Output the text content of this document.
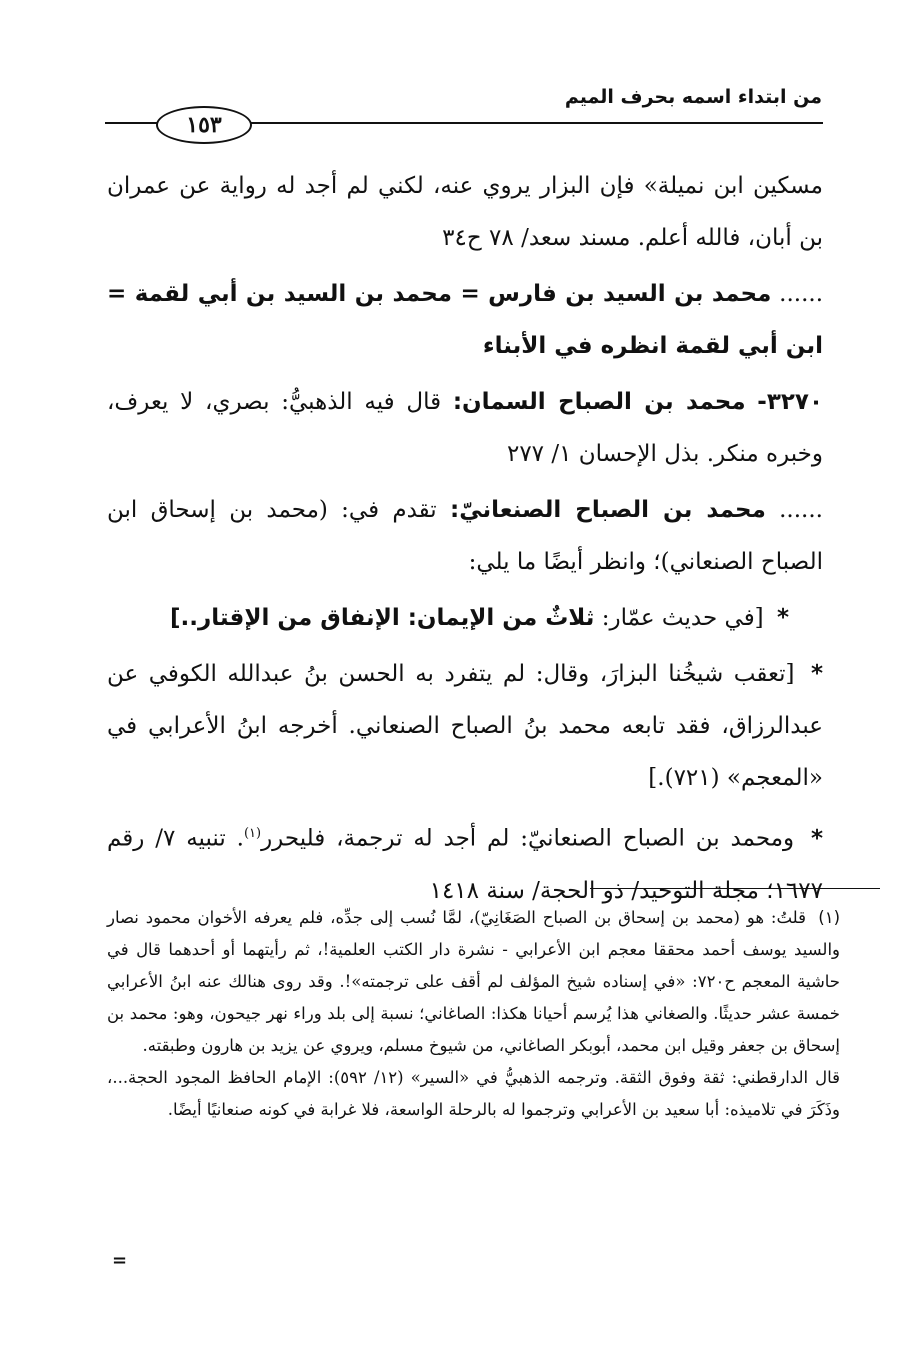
من ابتداء اسمه بحرف الميم
١٥٣

مسكين ابن نميلة» فإن البزار يروي عنه، لكني لم أجد له رواية عن عمران بن أبان، فالله أعلم. مسند سعد/ ٧٨ ح٣٤

...... محمد بن السيد بن فارس = محمد بن السيد بن أبي لقمة = ابن أبي لقمة انظره في الأبناء

٣٢٧٠- محمد بن الصباح السمان: قال فيه الذهبيُّ: بصري، لا يعرف، وخبره منكر. بذل الإحسان ١/ ٢٧٧

...... محمد بن الصباح الصنعانيّ: تقدم في: (محمد بن إسحاق ابن الصباح الصنعاني)؛ وانظر أيضًا ما يلي:

* [في حديث عمّار: ثلاثٌ من الإيمان: الإنفاق من الإقتار..]

* [تعقب شيخُنا البزارَ، وقال: لم يتفرد به الحسن بنُ عبدالله الكوفي عن عبدالرزاق، فقد تابعه محمد بنُ الصباح الصنعاني. أخرجه ابنُ الأعرابي في «المعجم» (٧٢١).]

* ومحمد بن الصباح الصنعانيّ: لم أجد له ترجمة، فليحرر$^{(١)}$. تنبيه ٧/ رقم ١٦٧٧؛ مجلة التوحيد/ ذو الحجة/ سنة ١٤١٨

(١)قلتُ: هو (محمد بن إسحاق بن الصباح الصَغَانِيّ)، لمَّا نُسب إلى جدِّه، فلم يعرفه الأخوان محمود نصار والسيد يوسف أحمد محققا معجم ابن الأعرابي - نشرة دار الكتب العلمية!، ثم رأيتهما أو أحدهما قال في حاشية المعجم ح٧٢٠: «في إسناده شيخ المؤلف لم أقف على ترجمته»!. وقد روى هنالك عنه ابنُ الأعرابي خمسة عشر حديثًا. والصغاني هذا يُرسم أحيانا هكذا: الصاغاني؛ نسبة إلى بلد وراء نهر جيحون، وهو: محمد بن إسحاق بن جعفر وقيل ابن محمد، أبوبكر الصاغاني، من شيوخ مسلم، ويروي عن يزيد بن هارون وطبقته.

قال الدارقطني: ثقة وفوق الثقة. وترجمه الذهبيُّ في «السير» (١٢/ ٥٩٢): الإمام الحافظ المجود الحجة...، وذَكَرَ في تلاميذه: أبا سعيد بن الأعرابي وترجموا له بالرحلة الواسعة، فلا غرابة في كونه صنعانيًا أيضًا.

=
